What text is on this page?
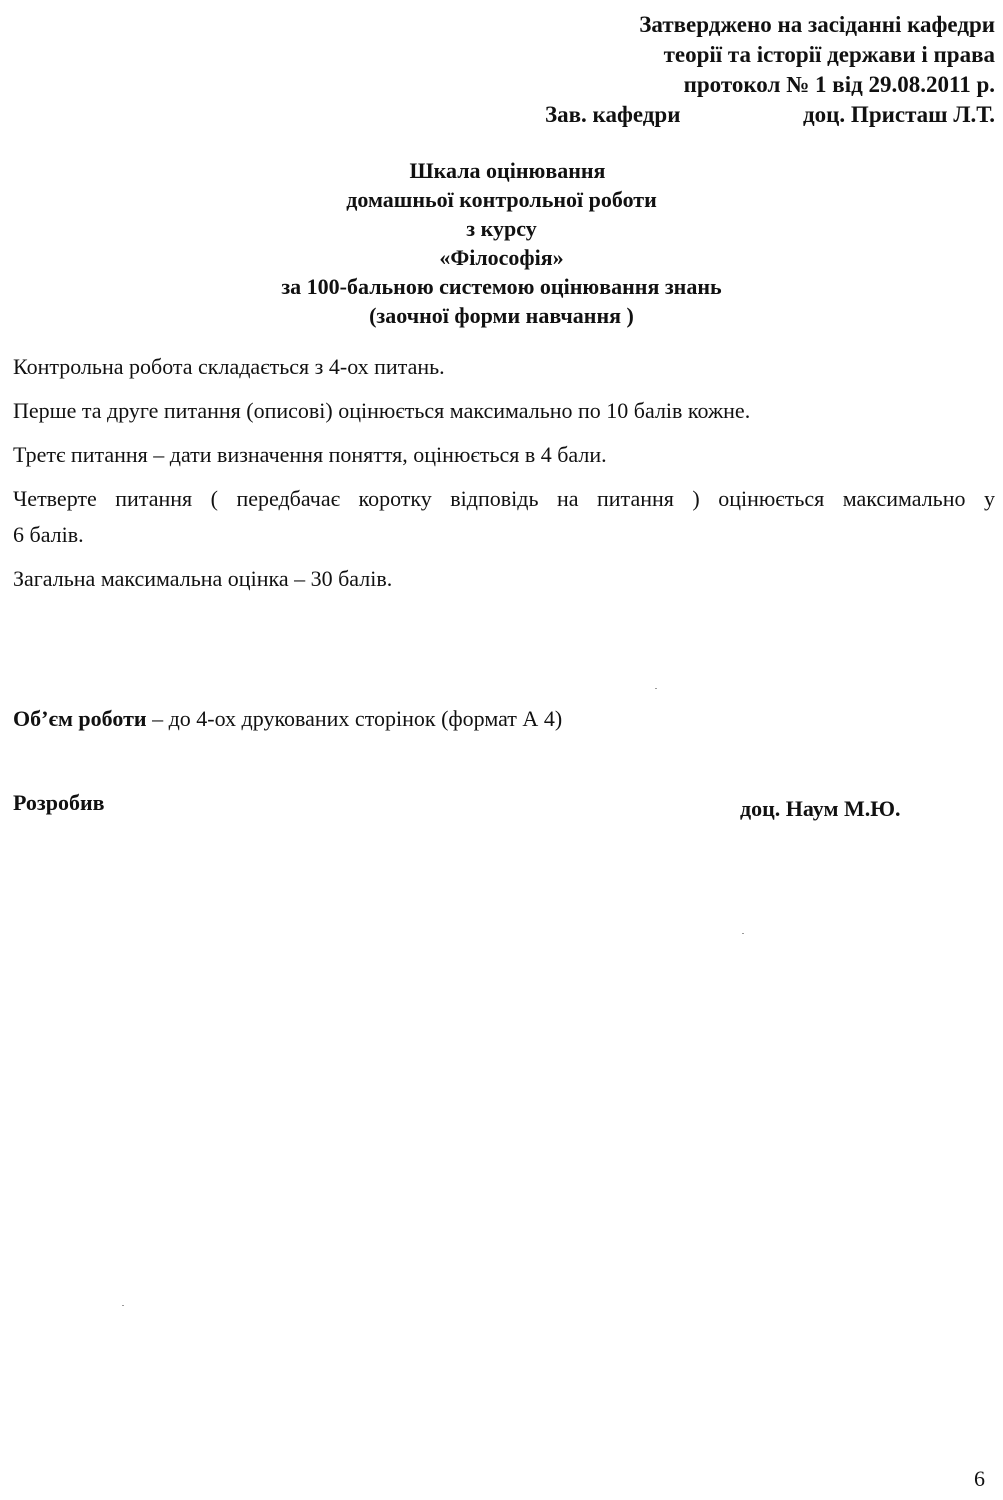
Затверджено на засіданні кафедри
теорії та історії держави і права
протокол № 1 від 29.08.2011 р.
Зав. кафедри	доц. Присташ Л.Т.
Шкала оцінювання
домашньої контрольної роботи
з курсу
«Філософія»
за 100-бальною системою оцінювання знань
(заочної форми навчання )

Контрольна робота складається з 4-ох питань.

Перше та друге питання (описові) оцінюється максимально по 10 балів кожне.

Третє питання – дати визначення поняття, оцінюється в 4 бали.

Четверте питання ( передбачає коротку відповідь на питання ) оцінюється максимально у

6 балів.

Загальна максимальна оцінка – 30 балів.

Об’єм роботи – до 4-ох друкованих сторінок (формат А 4)
Розробив	доц. Наум М.Ю.
6
